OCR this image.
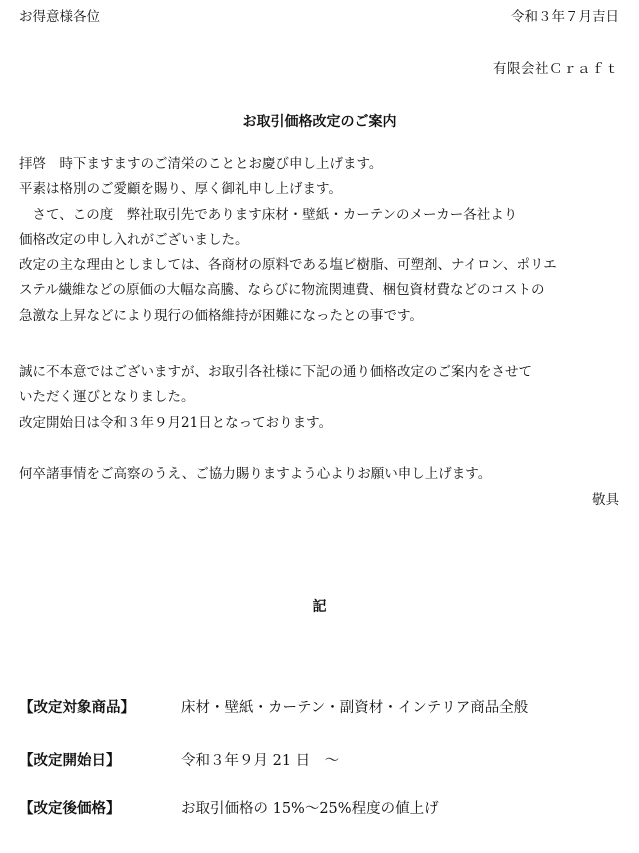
お得意様各位	令和３年７月吉日
有限会社Ｃｒａｆｔ
お取引価格改定のご案内
拝啓　時下ますますのご清栄のこととお慶び申し上げます。
平素は格別のご愛顧を賜り、厚く御礼申し上げます。
　さて、この度　弊社取引先であります床材・壁紙・カーテンのメーカー各社より
価格改定の申し入れがございました。
改定の主な理由としましては、各商材の原料である塩ビ樹脂、可塑剤、ナイロン、ポリエ
ステル繊維などの原価の大幅な高騰、ならびに物流関連費、梱包資材費などのコストの
急激な上昇などにより現行の価格維持が困難になったとの事です。
誠に不本意ではございますが、お取引各社様に下記の通り価格改定のご案内をさせて
いただく運びとなりました。
改定開始日は令和３年９月21日となっております。
何卒諸事情をご高察のうえ、ご協力賜りますよう心よりお願い申し上げます。
敬具
記
【改定対象商品】	床材・壁紙・カーテン・副資材・インテリア商品全般
【改定開始日】	令和３年９月 21 日　～
【改定後価格】	お取引価格の 15%～25%程度の値上げ
